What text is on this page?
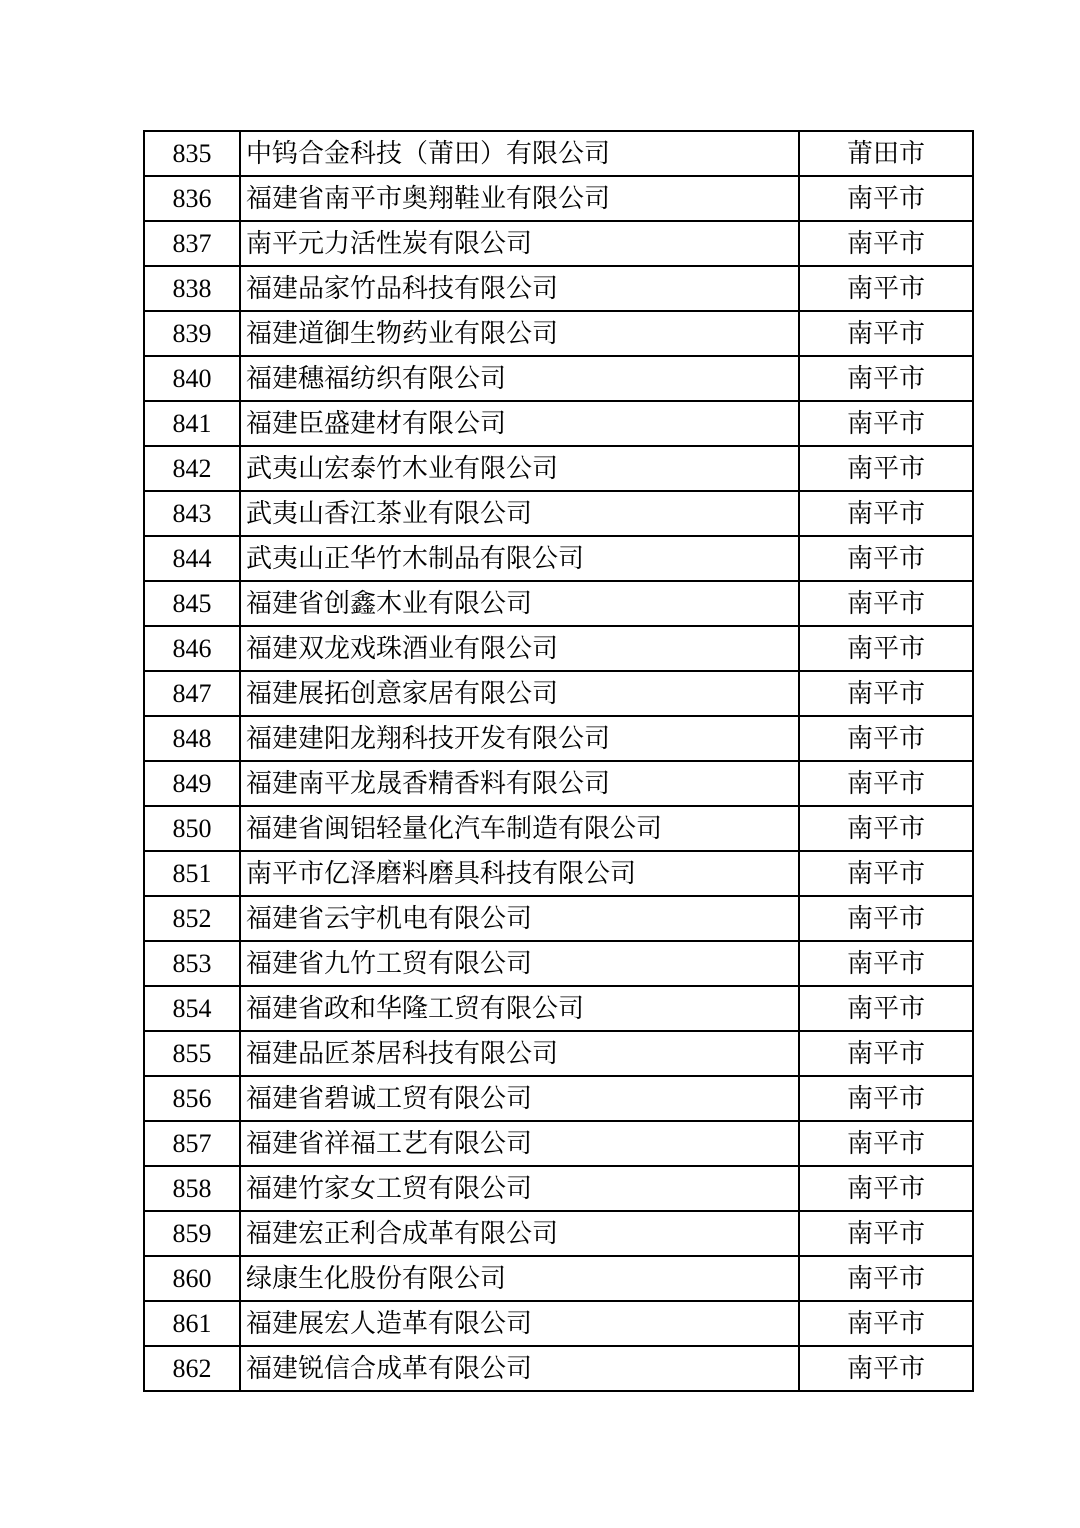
835	中钨合金科技（莆田）有限公司	莆田市
836	福建省南平市奥翔鞋业有限公司	南平市
837	南平元力活性炭有限公司	南平市
838	福建品家竹品科技有限公司	南平市
839	福建道御生物药业有限公司	南平市
840	福建穗福纺织有限公司	南平市
841	福建臣盛建材有限公司	南平市
842	武夷山宏泰竹木业有限公司	南平市
843	武夷山香江茶业有限公司	南平市
844	武夷山正华竹木制品有限公司	南平市
845	福建省创鑫木业有限公司	南平市
846	福建双龙戏珠酒业有限公司	南平市
847	福建展拓创意家居有限公司	南平市
848	福建建阳龙翔科技开发有限公司	南平市
849	福建南平龙晟香精香料有限公司	南平市
850	福建省闽铝轻量化汽车制造有限公司	南平市
851	南平市亿泽磨料磨具科技有限公司	南平市
852	福建省云宇机电有限公司	南平市
853	福建省九竹工贸有限公司	南平市
854	福建省政和华隆工贸有限公司	南平市
855	福建品匠茶居科技有限公司	南平市
856	福建省碧诚工贸有限公司	南平市
857	福建省祥福工艺有限公司	南平市
858	福建竹家女工贸有限公司	南平市
859	福建宏正利合成革有限公司	南平市
860	绿康生化股份有限公司	南平市
861	福建展宏人造革有限公司	南平市
862	福建锐信合成革有限公司	南平市
